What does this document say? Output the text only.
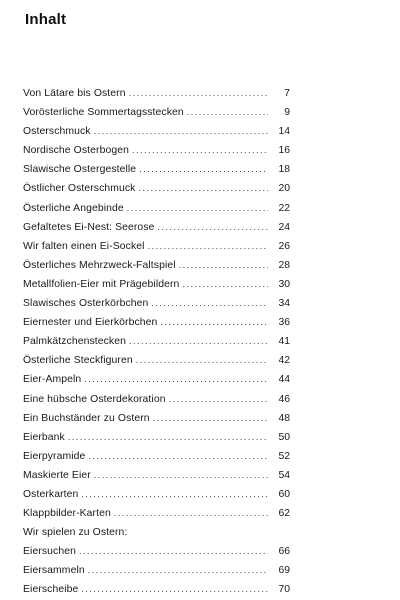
Inhalt
Von Lätare bis Ostern . . .	7
Vorösterliche Sommertagsstecken . . .	9
Osterschmuck . . .	14
Nordische Osterbogen . . .	16
Slawische Ostergestelle . . .	18
Östlicher Osterschmuck . . .	20
Österliche Angebinde . . .	22
Gefaltetes Ei-Nest: Seerose . . .	24
Wir falten einen Ei-Sockel . . .	26
Österliches Mehrzweck-Faltspiel . . .	28
Metallfolien-Eier mit Prägebildern . . .	30
Slawisches Osterkörbchen . . .	34
Eiernester und Eierkörbchen . . .	36
Palmkätzchenstecken . . .	41
Österliche Steckfiguren . . .	42
Eier-Ampeln . . .	44
Eine hübsche Osterdekoration . . .	46
Ein Buchständer zu Ostern . . .	48
Eierbank . . .	50
Eierpyramide . . .	52
Maskierte Eier . . .	54
Osterkarten . . .	60
Klappbilder-Karten . . .	62
Wir spielen zu Ostern:
Eiersuchen . . .	66
Eiersammeln . . .	69
Eierscheibe . . .	70
